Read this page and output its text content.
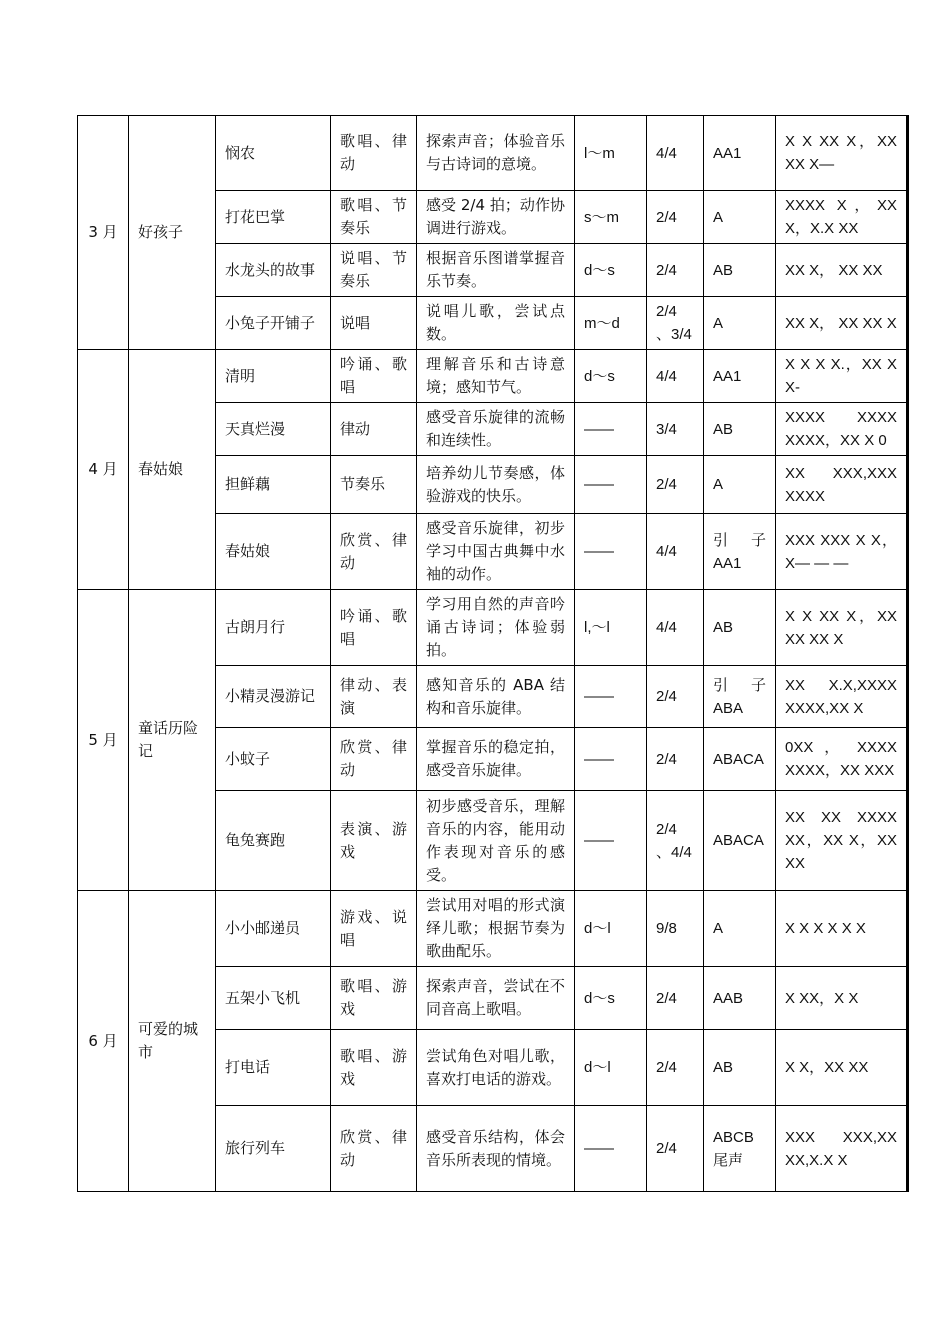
3 月	好孩子	悯农	歌唱、律动	探索声音；体验音乐与古诗词的意境。	l～m	4/4	AA1	X X XX X，XX XX X—
		打花巴掌	歌唱、节奏乐	感受 2/4 拍；动作协调进行游戏。	s～m	2/4	A	XXXX X，XX X，X.X XX
		水龙头的故事	说唱、节奏乐	根据音乐图谱掌握音乐节奏。	d～s	2/4	AB	XX X， XX XX
		小兔子开铺子	说唱	说唱儿歌，尝试点数。	m～d	2/4 、3/4	A	XX X， XX XX X
4 月	春姑娘	清明	吟诵、歌唱	理解音乐和古诗意境；感知节气。	d～s	4/4	AA1	X X X X.，XX X X-
		天真烂漫	律动	感受音乐旋律的流畅和连续性。	——	3/4	AB	XXXX XXXX XXXX，XX X 0
		担鲜藕	节奏乐	培养幼儿节奏感，体验游戏的快乐。	——	2/4	A	XX XXX,XXX XXXX
		春姑娘	欣赏、律动	感受音乐旋律，初步学习中国古典舞中水袖的动作。	——	4/4	引 子 AA1	XXX XXX X X，X— — —
5 月	童话历险记	古朗月行	吟诵、歌唱	学习用自然的声音吟诵古诗词；体验弱拍。	l,～l	4/4	AB	X X XX X，XX XX XX X
		小精灵漫游记	律动、表演	感知音乐的 ABA 结构和音乐旋律。	——	2/4	引 子 ABA	XX X.X,XXXX XXXX,XX X
		小蚊子	欣赏、律动	掌握音乐的稳定拍，感受音乐旋律。	——	2/4	ABACA	0XX ， XXXX XXXX，XX XXX
		龟兔赛跑	表演、游戏	初步感受音乐，理解音乐的内容，能用动作表现对音乐的感受。	——	2/4 、4/4	ABACA	XX XX XXXX XX，XX X，XX XX
6 月	可爱的城市	小小邮递员	游戏、说唱	尝试用对唱的形式演绎儿歌；根据节奏为歌曲配乐。	d～l	9/8	A	X X X X X X
		五架小飞机	歌唱、游戏	探索声音，尝试在不同音高上歌唱。	d～s	2/4	AAB	X XX，X X
		打电话	歌唱、游戏	尝试角色对唱儿歌，喜欢打电话的游戏。	d～l	2/4	AB	X X，XX XX
		旅行列车	欣赏、律动	感受音乐结构，体会音乐所表现的情境。	——	2/4	ABCB 尾声	XXX XXX,XX XX,X.X X
